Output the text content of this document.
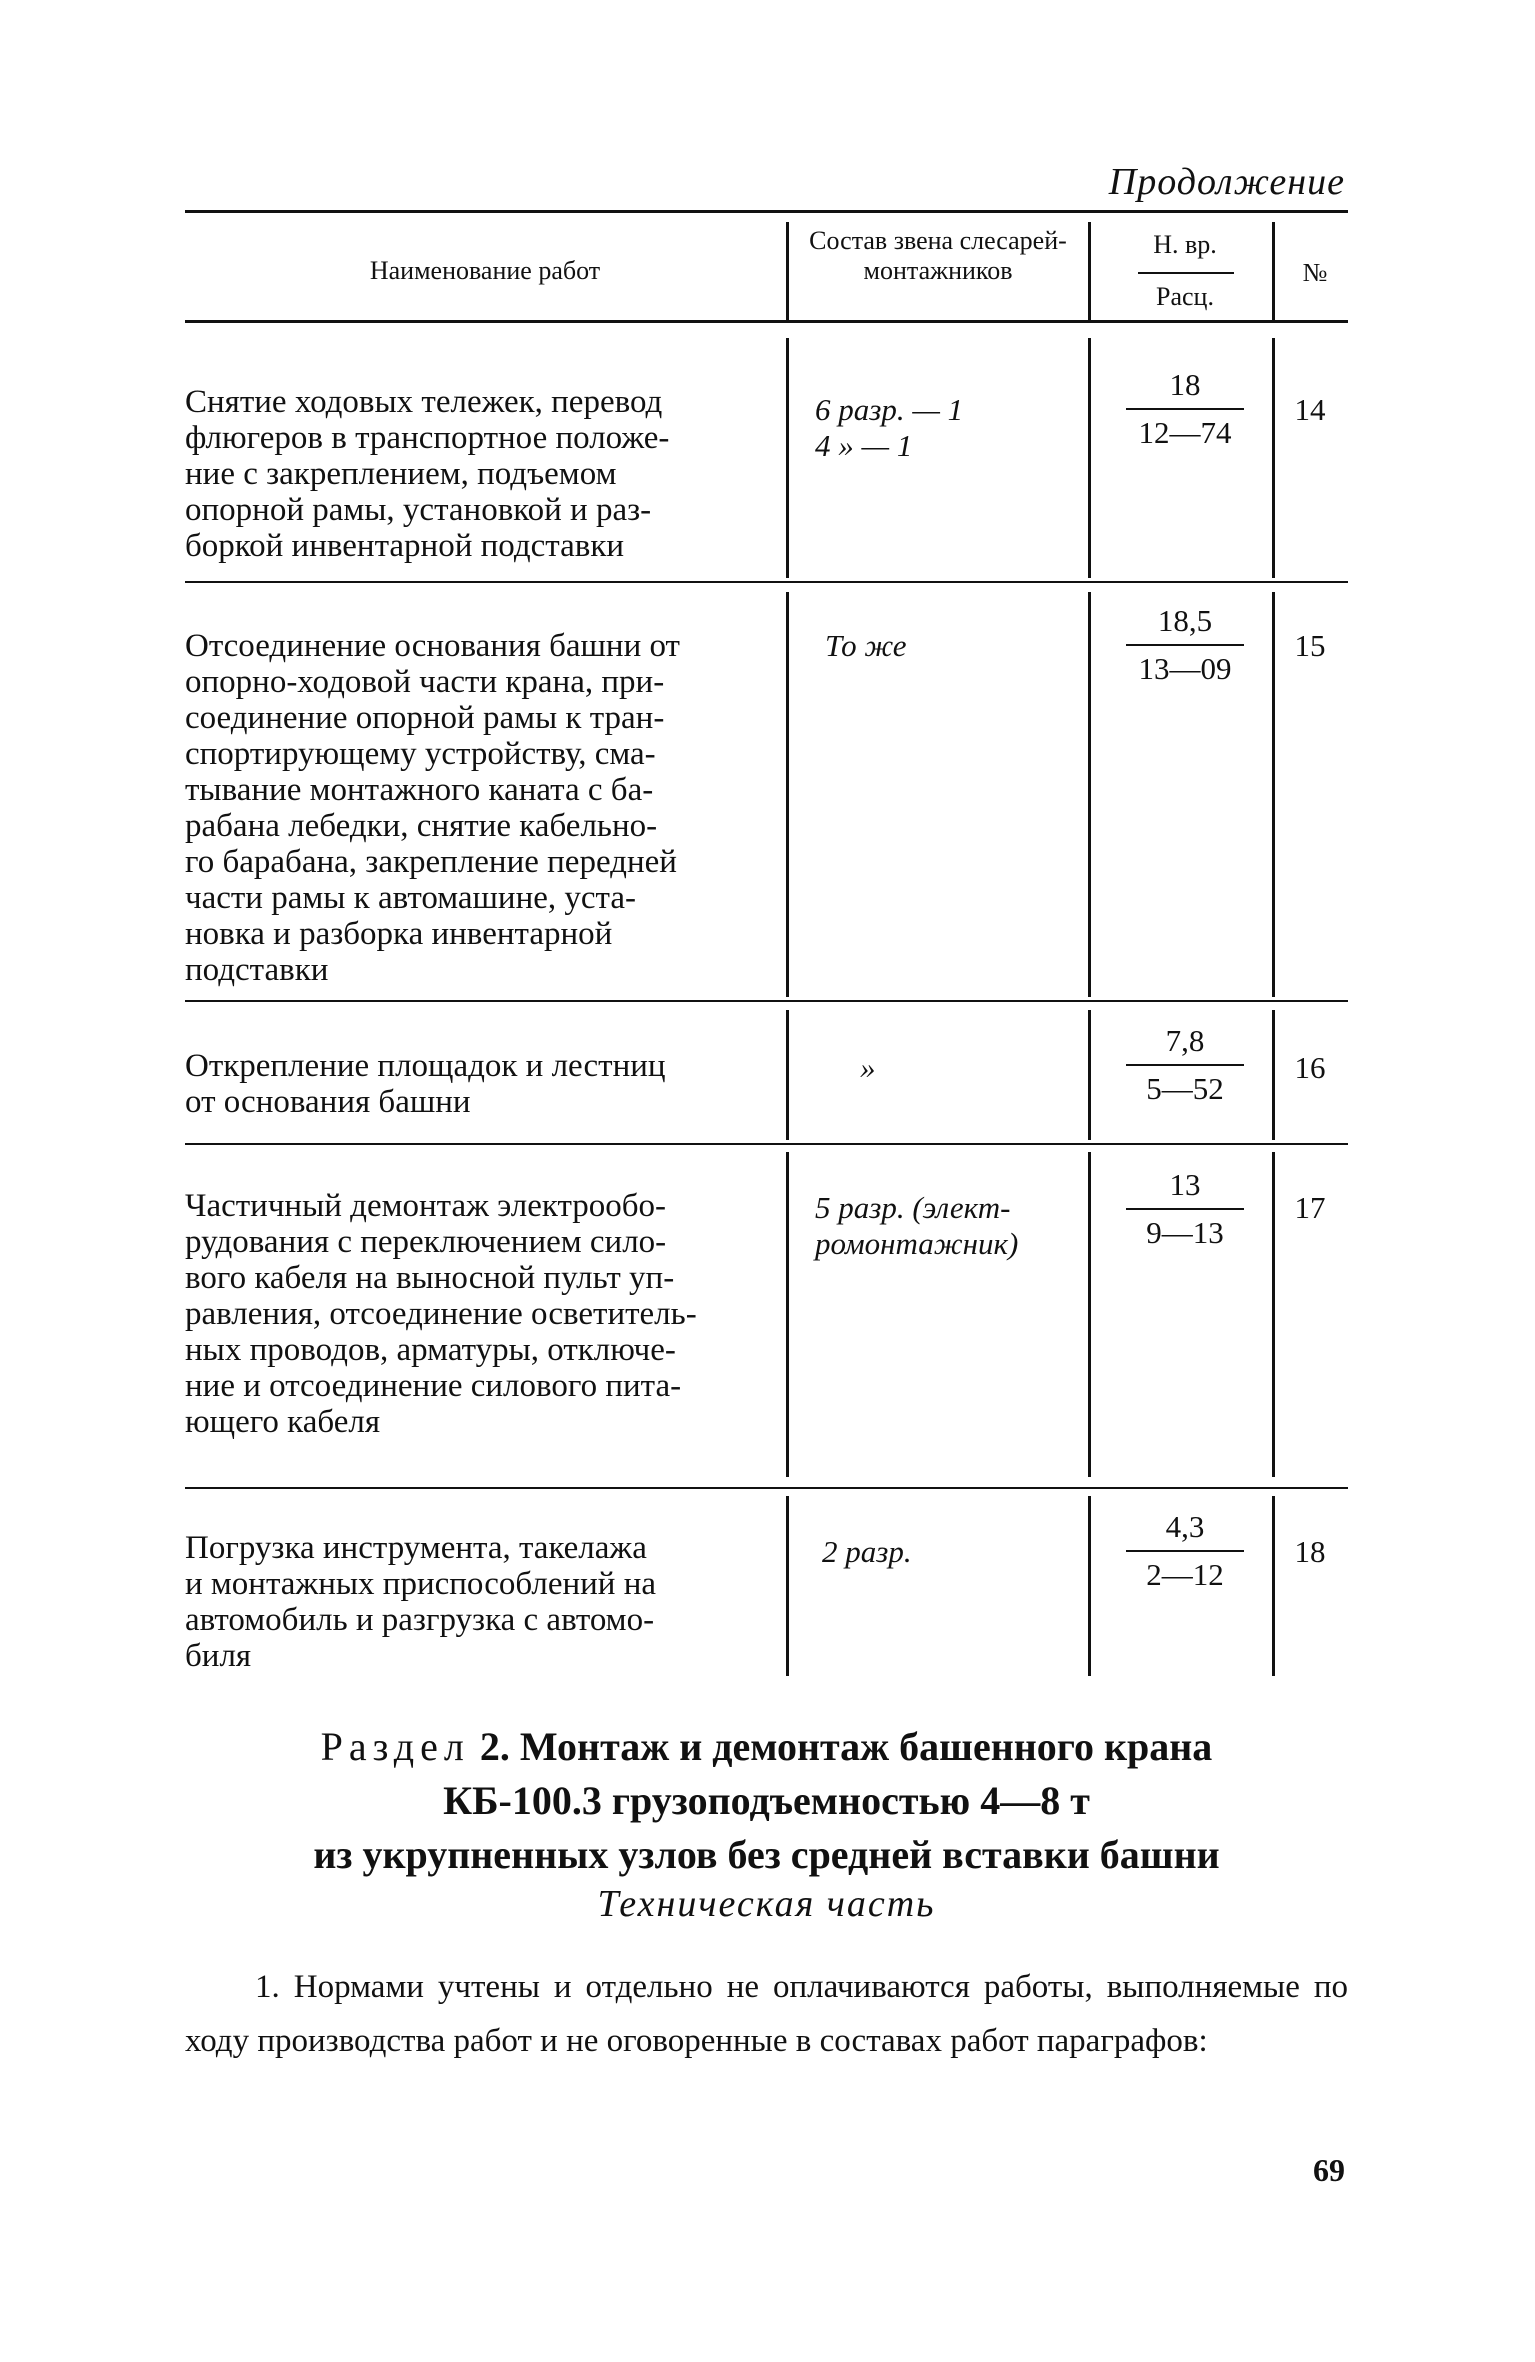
Продолжение
Наименование работ
Состав звена слесарей-монтажников
Н. вр.
Расц.
№
Снятие ходовых тележек, перевод
флюгеров в транспортное положе-
ние с закреплением, подъемом
опорной рамы, установкой и раз-
боркой инвентарной подставки
6 разр. — 1
4 » — 1
18
12—74
14
Отсоединение основания башни от
опорно-ходовой части крана, при-
соединение опорной рамы к тран-
спортирующему устройству, сма-
тывание монтажного каната с ба-
рабана лебедки, снятие кабельно-
го барабана, закрепление передней
части рамы к автомашине, уста-
новка и разборка инвентарной
подставки
То же
18,5
13—09
15
Открепление площадок и лестниц
от основания башни
»
7,8
5—52
16
Частичный демонтаж электрообо-
рудования с переключением сило-
вого кабеля на выносной пульт уп-
равления, отсоединение осветитель-
ных проводов, арматуры, отключе-
ние и отсоединение силового пита-
ющего кабеля
5 разр. (элект-
ромонтажник)
13
9—13
17
Погрузка инструмента, такелажа
и монтажных приспособлений на
автомобиль и разгрузка с автомо-
биля
2 разр.
4,3
2—12
18
Раздел 2. Монтаж и демонтаж башенного крана
КБ-100.3 грузоподъемностью 4—8 т
из укрупненных узлов без средней вставки башни
Техническая часть
1. Нормами учтены и отдельно не оплачиваются работы, выполняемые по ходу производства работ и не оговоренные в составах работ параграфов:
69
